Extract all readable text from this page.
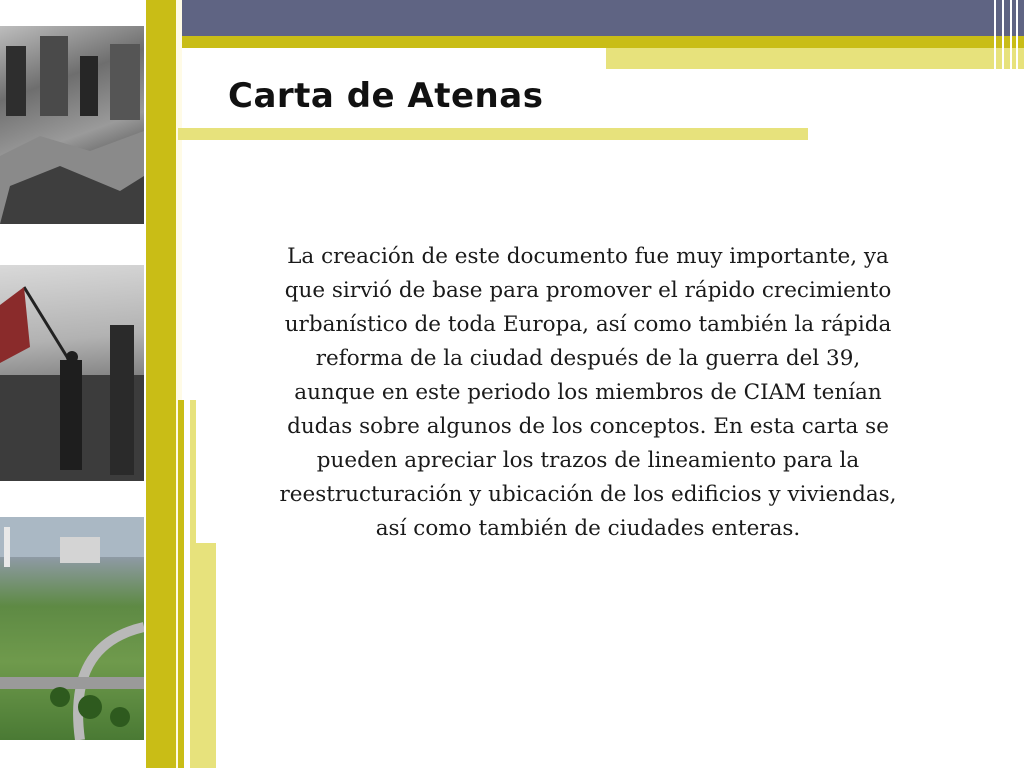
Carta de Atenas
La creación de este documento fue muy importante, ya que sirvió de base para promover el rápido crecimiento urbanístico de toda Europa, así como también la rápida reforma de la ciudad después de la guerra del 39, aunque en este periodo los miembros de CIAM tenían dudas sobre algunos de los conceptos. En esta carta se pueden apreciar los trazos de lineamiento para la reestructuración y ubicación de los edificios y viviendas, así como también de ciudades enteras.
